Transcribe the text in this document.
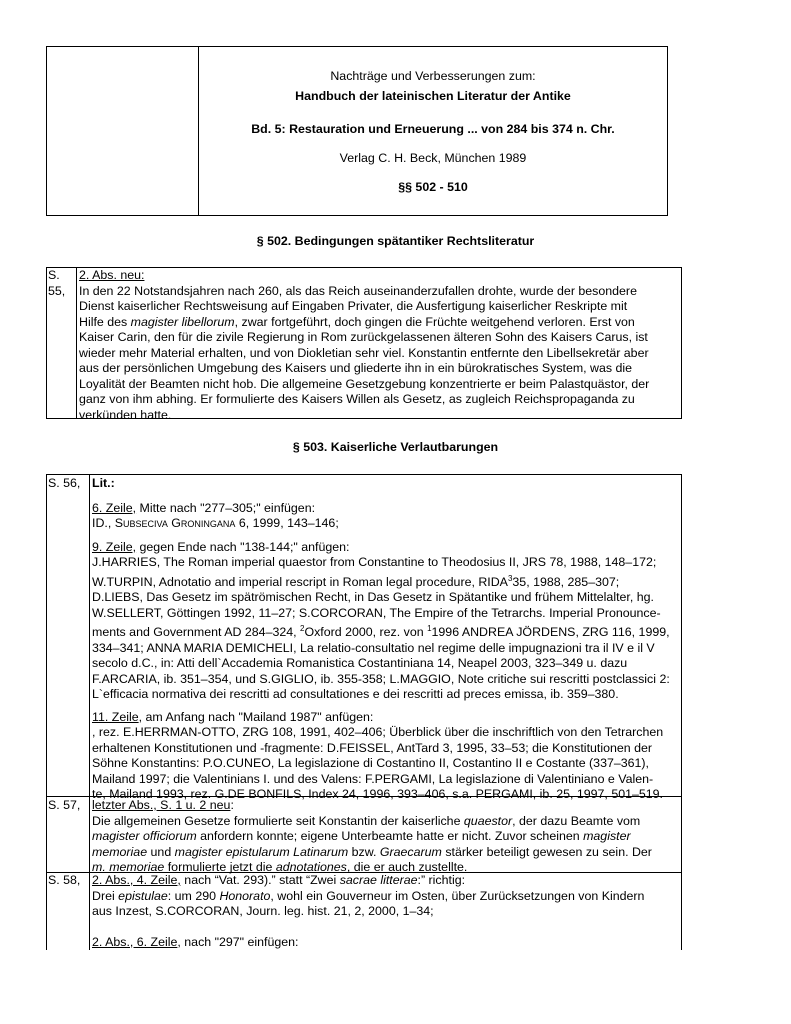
Nachträge und Verbesserungen zum:
Handbuch der lateinischen Literatur der Antike
Bd. 5: Restauration und Erneuerung ... von 284 bis 374 n. Chr.
Verlag C. H. Beck, München 1989
§§ 502 - 510
§ 502. Bedingungen spätantiker Rechtsliteratur

S.

55,

2. Abs. neu:

In den 22 Notstandsjahren nach 260, als das Reich auseinanderzufallen drohte, wurde der besondere

Dienst kaiserlicher Rechtsweisung auf Eingaben Privater, die Ausfertigung kaiserlicher Reskripte mit

Hilfe des magister libellorum, zwar fortgeführt, doch gingen die Früchte weitgehend verloren. Erst von

Kaiser Carin, den für die zivile Regierung in Rom zurückgelassenen älteren Sohn des Kaisers Carus, ist

wieder mehr Material erhalten, und von Diokletian sehr viel. Konstantin entfernte den Libellsekretär aber

aus der persönlichen Umgebung des Kaisers und gliederte ihn in ein bürokratisches System, was die

Loyalität der Beamten nicht hob. Die allgemeine Gesetzgebung konzentrierte er beim Palastquästor, der

ganz von ihm abhing. Er formulierte des Kaisers Willen als Gesetz, as zugleich Reichspropaganda zu

verkünden hatte.

§ 503. Kaiserliche Verlautbarungen
S. 56, Lit.:

6. Zeile, Mitte nach "277–305;" einfügen:

ID., Subseciva Groningana 6, 1999, 143–146;

9. Zeile, gegen Ende nach "138-144;" anfügen:

J.HARRIES, The Roman imperial quaestor from Constantine to Theodosius II, JRS 78, 1988, 148–172;

W.TURPIN, Adnotatio and imperial rescript in Roman legal procedure, RIDA$^3$35, 1988, 285–307;

D.LIEBS, Das Gesetz im spätrömischen Recht, in Das Gesetz in Spätantike und frühem Mittelalter, hg.

W.SELLERT, Göttingen 1992, 11–27; S.CORCORAN, The Empire of the Tetrarchs. Imperial Pronounce-

ments and Government AD 284–324, $^2$Oxford 2000, rez. von $^1$1996 ANDREA JÖRDENS, ZRG 116, 1999,

334–341; ANNA MARIA DEMICHELI, La relatio-consultatio nel regime delle impugnazioni tra il IV e il V

secolo d.C., in: Atti dell`Accademia Romanistica Costantiniana 14, Neapel 2003, 323–349 u. dazu

F.ARCARIA, ib. 351–354, und S.GIGLIO, ib. 355-358; L.MAGGIO, Note critiche sui rescritti postclassici 2:

L`efficacia normativa dei rescritti ad consultationes e dei rescritti ad preces emissa, ib. 359–380.

11. Zeile, am Anfang nach "Mailand 1987" anfügen:

, rez. E.HERRMAN-OTTO, ZRG 108, 1991, 402–406; Überblick über die inschriftlich von den Tetrarchen

erhaltenen Konstitutionen und -fragmente: D.FEISSEL, AntTard 3, 1995, 33–53; die Konstitutionen der

Söhne Konstantins: P.O.CUNEO, La legislazione di Costantino II, Costantino II e Costante (337–361),

Mailand 1997; die Valentinians I. und des Valens: F.PERGAMI, La legislazione di Valentiniano e Valen-

te, Mailand 1993, rez. G.DE BONFILS, Index 24, 1996, 393–406, s.a. PERGAMI, ib. 25, 1997, 501–519.

S. 57, letzter Abs., S. 1 u. 2 neu:

Die allgemeinen Gesetze formulierte seit Konstantin der kaiserliche quaestor, der dazu Beamte vom

magister officiorum anfordern konnte; eigene Unterbeamte hatte er nicht. Zuvor scheinen magister

memoriae und magister epistularum Latinarum bzw. Graecarum stärker beteiligt gewesen zu sein. Der

m. memoriae formulierte jetzt die adnotationes, die er auch zustellte.

S. 58, 2. Abs., 4. Zeile, nach “Vat. 293).” statt “Zwei sacrae litterae:” richtig:

Drei epistulae: um 290 Honorato, wohl ein Gouverneur im Osten, über Zurücksetzungen von Kindern

aus Inzest, S.CORCORAN, Journ. leg. hist. 21, 2, 2000, 1–34;

2. Abs., 6. Zeile, nach "297" einfügen:
